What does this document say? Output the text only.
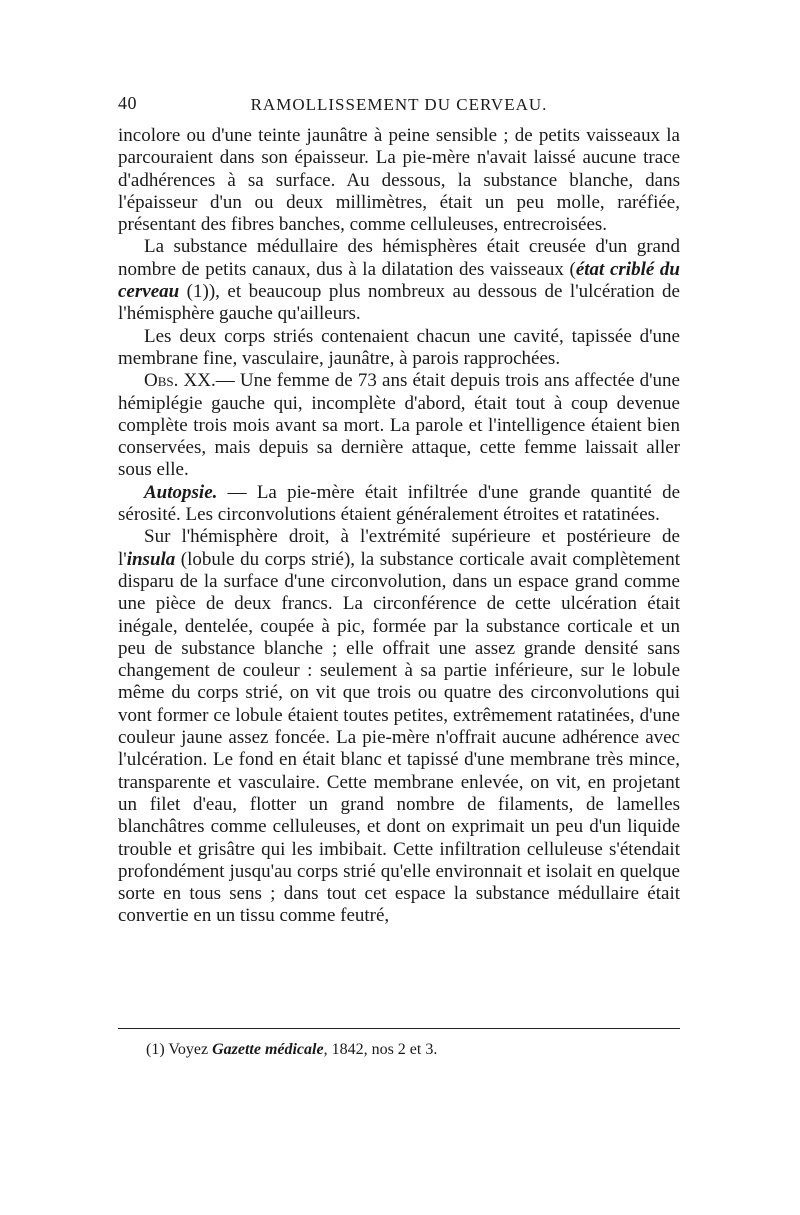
40	RAMOLLISSEMENT DU CERVEAU.

incolore ou d'une teinte jaunâtre à peine sensible ; de petits vaisseaux la parcouraient dans son épaisseur. La pie-mère n'avait laissé aucune trace d'adhérences à sa surface. Au dessous, la substance blanche, dans l'épaisseur d'un ou deux millimètres, était un peu molle, raréfiée, présentant des fibres banches, comme celluleuses, entrecroisées.

La substance médullaire des hémisphères était creusée d'un grand nombre de petits canaux, dus à la dilatation des vaisseaux (état criblé du cerveau (1)), et beaucoup plus nombreux au dessous de l'ulcération de l'hémisphère gauche qu'ailleurs.

Les deux corps striés contenaient chacun une cavité, tapissée d'une membrane fine, vasculaire, jaunâtre, à parois rapprochées.

Obs. XX.— Une femme de 73 ans était depuis trois ans affectée d'une hémiplégie gauche qui, incomplète d'abord, était tout à coup devenue complète trois mois avant sa mort. La parole et l'intelligence étaient bien conservées, mais depuis sa dernière attaque, cette femme laissait aller sous elle.

Autopsie. — La pie-mère était infiltrée d'une grande quantité de sérosité. Les circonvolutions étaient généralement étroites et ratatinées.

Sur l'hémisphère droit, à l'extrémité supérieure et postérieure de l'insula (lobule du corps strié), la substance corticale avait complètement disparu de la surface d'une circonvolution, dans un espace grand comme une pièce de deux francs. La circonférence de cette ulcération était inégale, dentelée, coupée à pic, formée par la substance corticale et un peu de substance blanche ; elle offrait une assez grande densité sans changement de couleur : seulement à sa partie inférieure, sur le lobule même du corps strié, on vit que trois ou quatre des circonvolutions qui vont former ce lobule étaient toutes petites, extrêmement ratatinées, d'une couleur jaune assez foncée. La pie-mère n'offrait aucune adhérence avec l'ulcération. Le fond en était blanc et tapissé d'une membrane très mince, transparente et vasculaire. Cette membrane enlevée, on vit, en projetant un filet d'eau, flotter un grand nombre de filaments, de lamelles blanchâtres comme celluleuses, et dont on exprimait un peu d'un liquide trouble et grisâtre qui les imbibait. Cette infiltration celluleuse s'étendait profondément jusqu'au corps strié qu'elle environnait et isolait en quelque sorte en tous sens ; dans tout cet espace la substance médullaire était convertie en un tissu comme feutré,

(1) Voyez Gazette médicale, 1842, nos 2 et 3.
